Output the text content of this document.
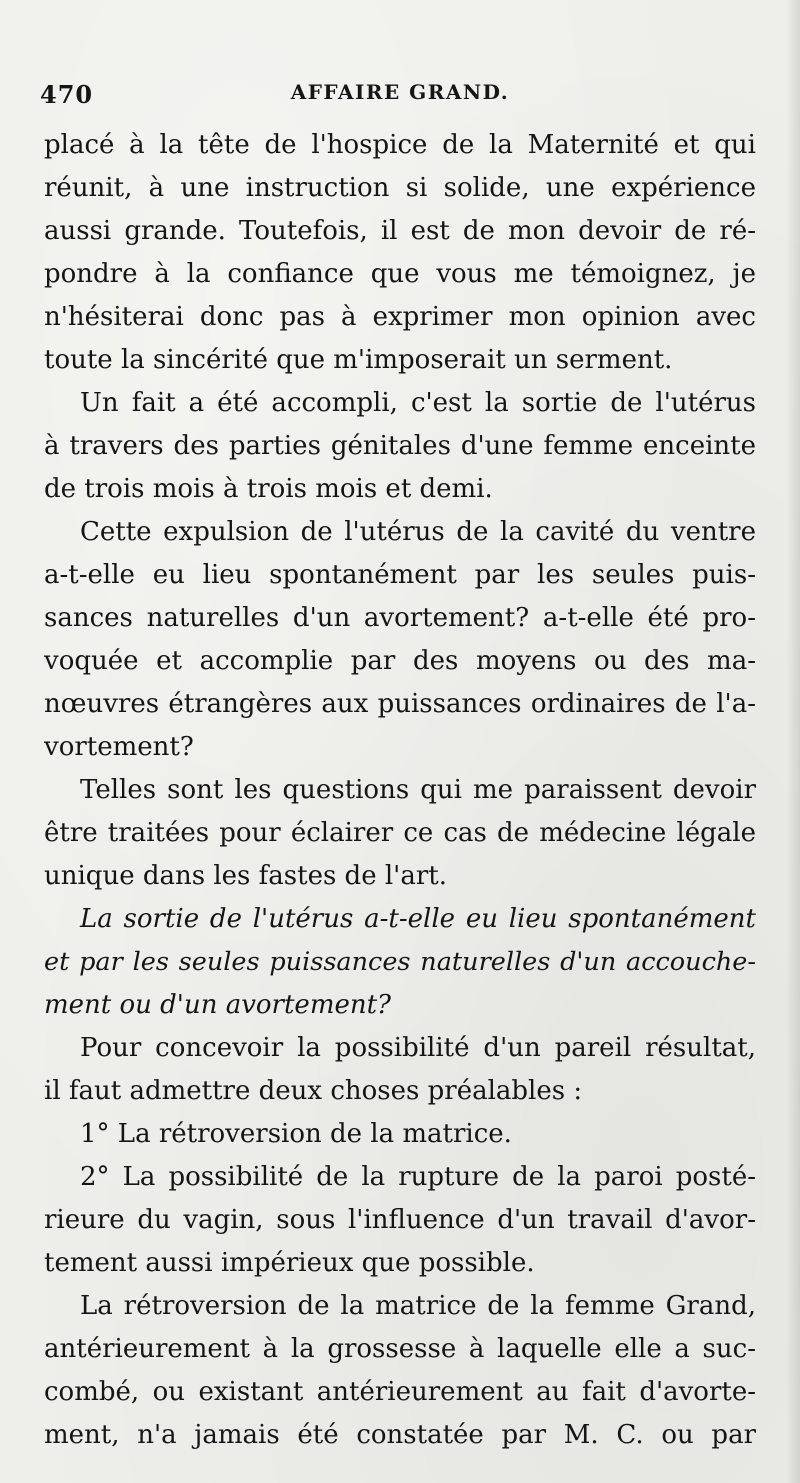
470	AFFAIRE GRAND.
placé à la tête de l'hospice de la Maternité et qui
réunit, à une instruction si solide, une expérience
aussi grande. Toutefois, il est de mon devoir de ré-
pondre à la confiance que vous me témoignez, je
n'hésiterai donc pas à exprimer mon opinion avec
toute la sincérité que m'imposerait un serment.
Un fait a été accompli, c'est la sortie de l'utérus
à travers des parties génitales d'une femme enceinte
de trois mois à trois mois et demi.
Cette expulsion de l'utérus de la cavité du ventre
a-t-elle eu lieu spontanément par les seules puis-
sances naturelles d'un avortement? a-t-elle été pro-
voquée et accomplie par des moyens ou des ma-
nœuvres étrangères aux puissances ordinaires de l'a-
vortement?
Telles sont les questions qui me paraissent devoir
être traitées pour éclairer ce cas de médecine légale
unique dans les fastes de l'art.
La sortie de l'utérus a-t-elle eu lieu spontanément
et par les seules puissances naturelles d'un accouche-
ment ou d'un avortement?
Pour concevoir la possibilité d'un pareil résultat,
il faut admettre deux choses préalables :
1° La rétroversion de la matrice.
2° La possibilité de la rupture de la paroi posté-
rieure du vagin, sous l'influence d'un travail d'avor-
tement aussi impérieux que possible.
La rétroversion de la matrice de la femme Grand,
antérieurement à la grossesse à laquelle elle a suc-
combé, ou existant antérieurement au fait d'avorte-
ment, n'a jamais été constatée par M. C. ou par
